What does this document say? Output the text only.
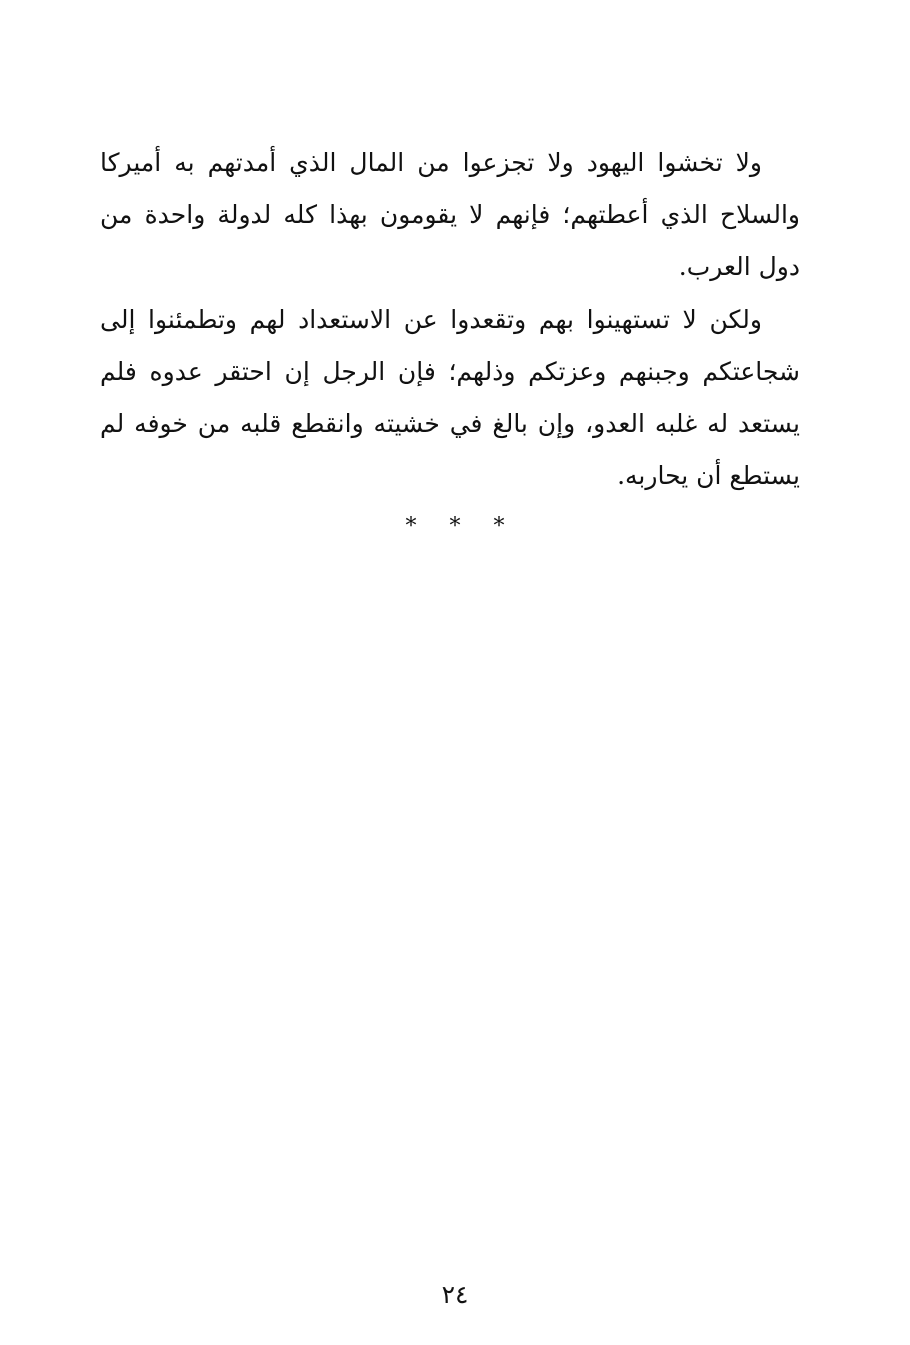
ولا تخشوا اليهود ولا تجزعوا من المال الذي أمدتهم به أميركا والسلاح الذي أعطتهم؛ فإنهم لا يقومون بهذا كله لدولة واحدة من دول العرب.

ولكن لا تستهينوا بهم وتقعدوا عن الاستعداد لهم وتطمئنوا إلى شجاعتكم وجبنهم وعزتكم وذلهم؛ فإن الرجل إن احتقر عدوه فلم يستعد له غلبه العدو، وإن بالغ في خشيته وانقطع قلبه من خوفه لم يستطع أن يحاربه.

* * *
٢٤
